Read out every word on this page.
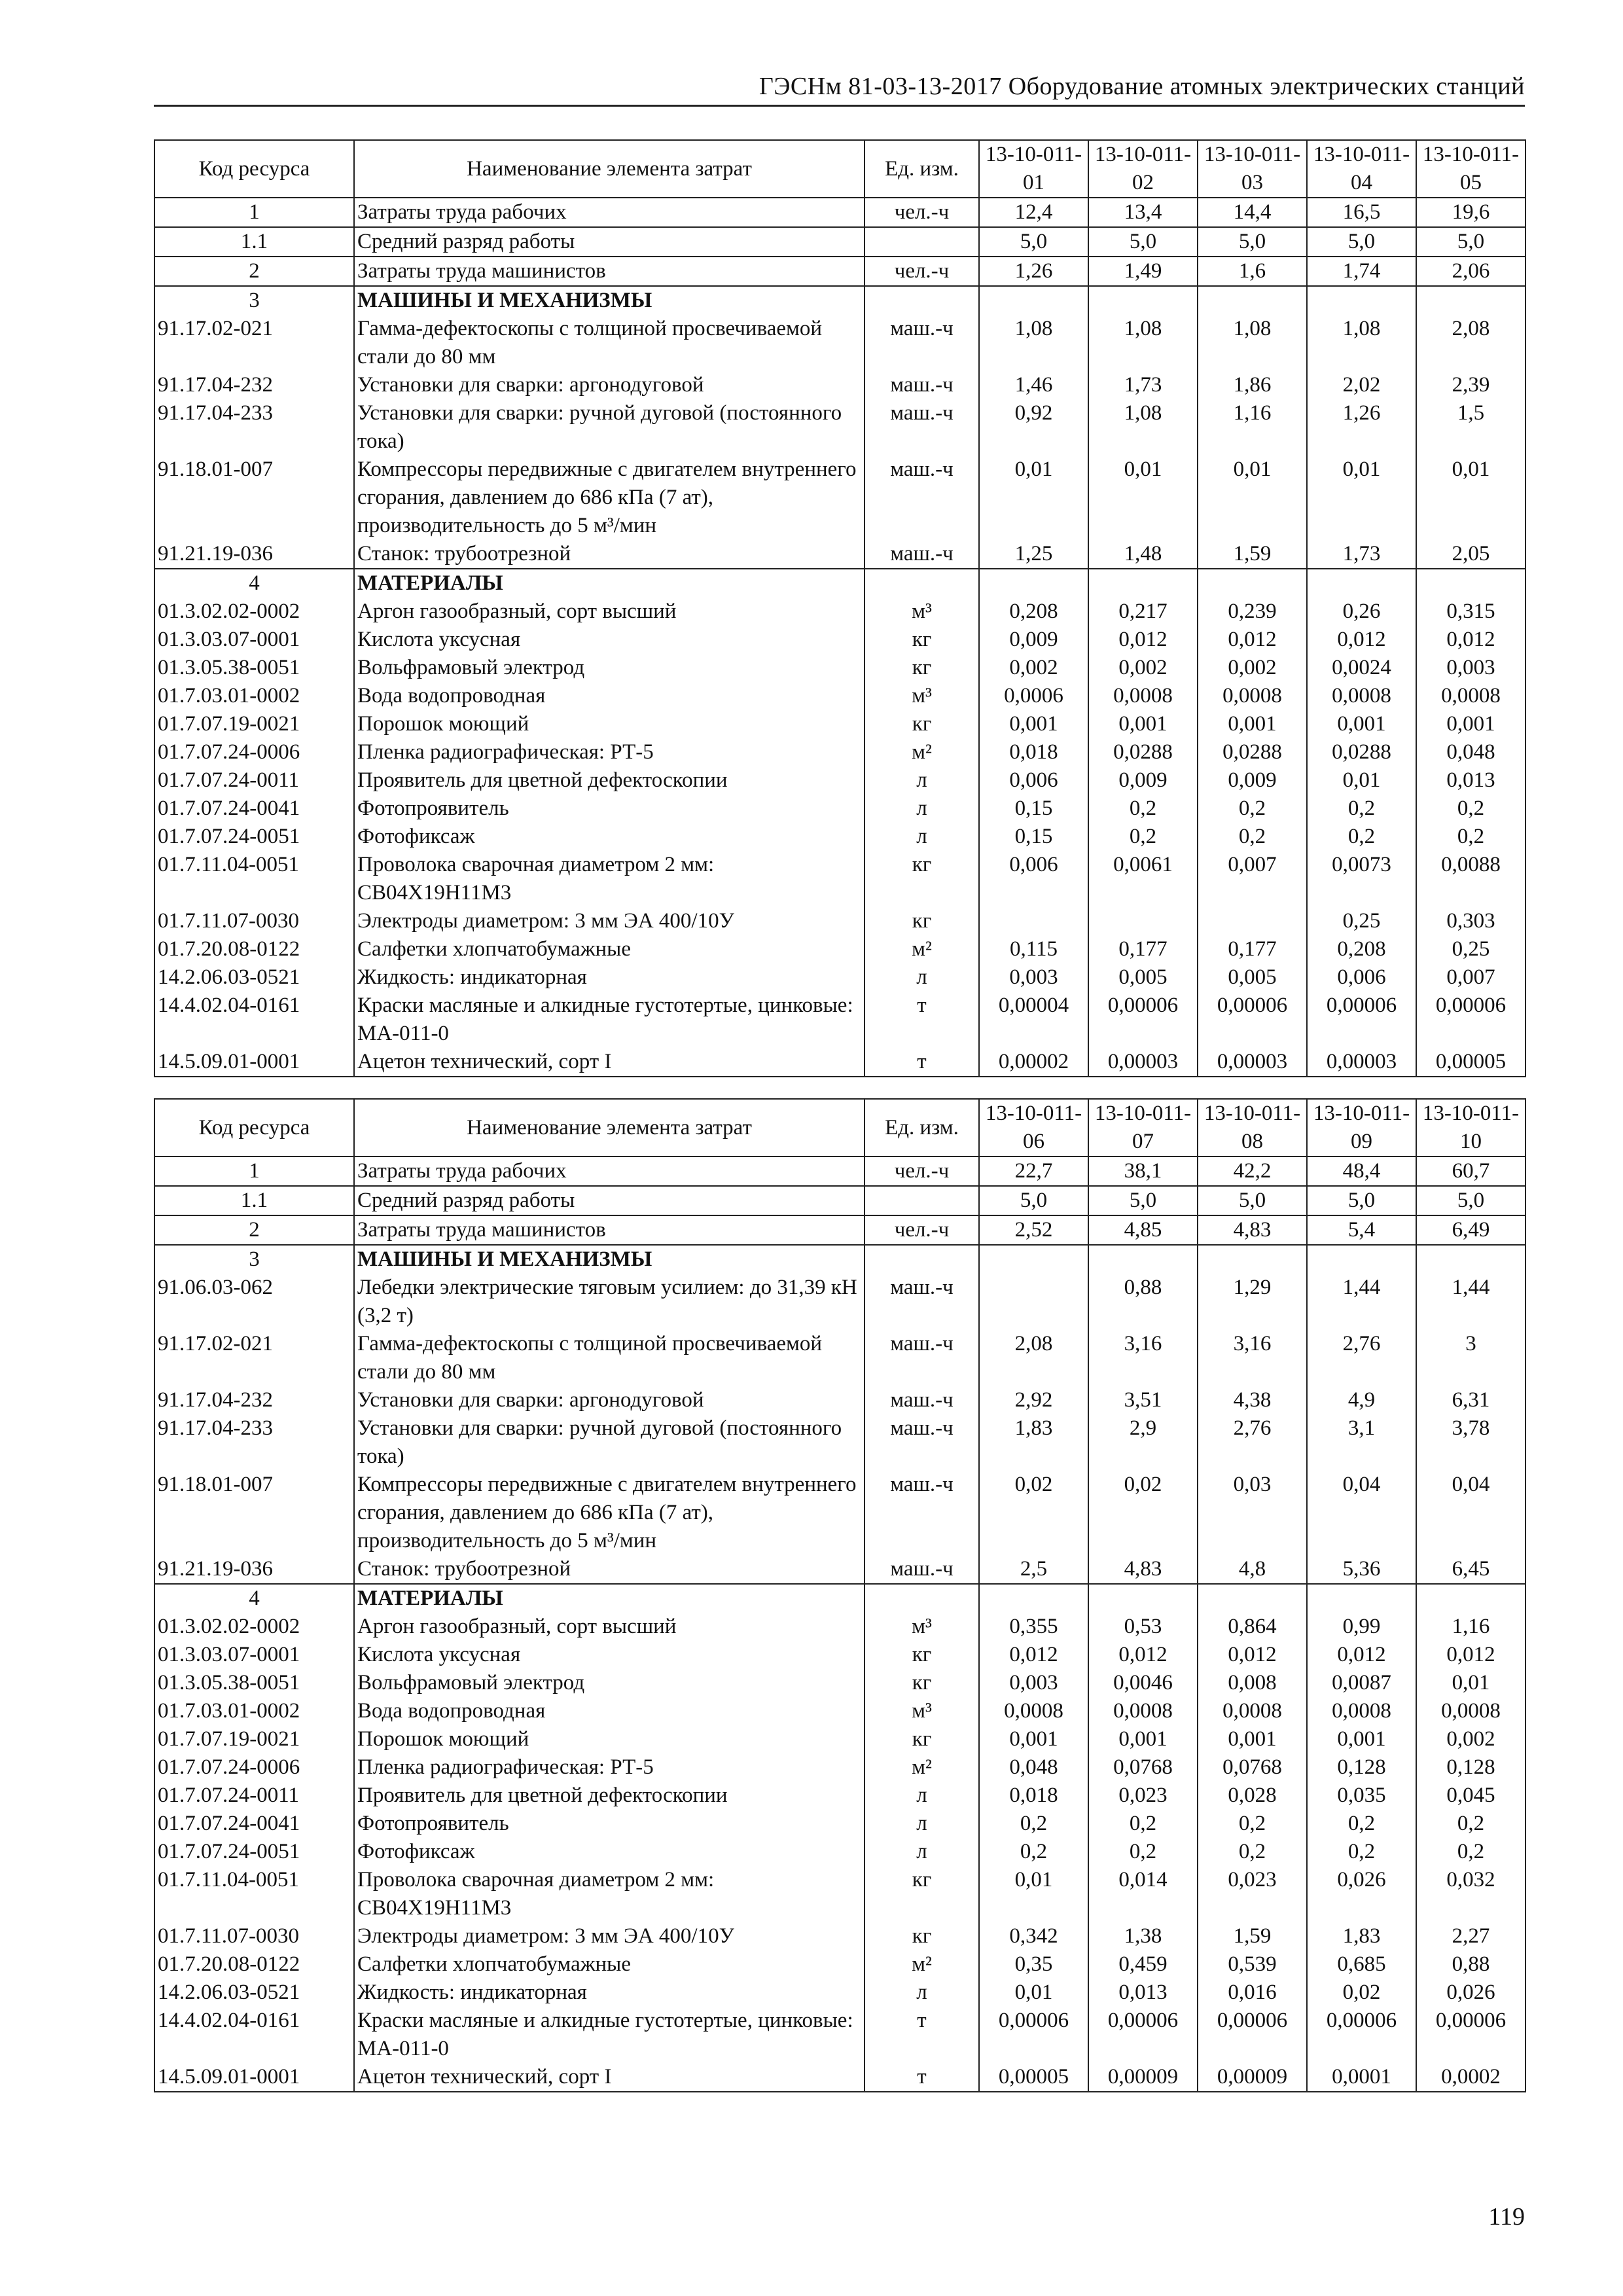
ГЭСНм 81-03-13-2017 Оборудование атомных электрических станций
Код ресурса	Наименование элемента затрат	Ед. изм.	13-10-011-01	13-10-011-02	13-10-011-03	13-10-011-04	13-10-011-05
1	Затраты труда рабочих	чел.-ч	12,4	13,4	14,4	16,5	19,6
1.1	Средний разряд работы		5,0	5,0	5,0	5,0	5,0
2	Затраты труда машинистов	чел.-ч	1,26	1,49	1,6	1,74	2,06
3	МАШИНЫ И МЕХАНИЗМЫ						
91.17.02-021	Гамма-дефектоскопы с толщиной просвечиваемой стали до 80 мм	маш.-ч	1,08	1,08	1,08	1,08	2,08
91.17.04-232	Установки для сварки: аргонодуговой	маш.-ч	1,46	1,73	1,86	2,02	2,39
91.17.04-233	Установки для сварки: ручной дуговой (постоянного тока)	маш.-ч	0,92	1,08	1,16	1,26	1,5
91.18.01-007	Компрессоры передвижные с двигателем внутреннего сгорания, давлением до 686 кПа (7 ат), производительность до 5 м³/мин	маш.-ч	0,01	0,01	0,01	0,01	0,01
91.21.19-036	Станок: трубоотрезной	маш.-ч	1,25	1,48	1,59	1,73	2,05
4	МАТЕРИАЛЫ						
01.3.02.02-0002	Аргон газообразный, сорт высший	м³	0,208	0,217	0,239	0,26	0,315
01.3.03.07-0001	Кислота уксусная	кг	0,009	0,012	0,012	0,012	0,012
01.3.05.38-0051	Вольфрамовый электрод	кг	0,002	0,002	0,002	0,0024	0,003
01.7.03.01-0002	Вода водопроводная	м³	0,0006	0,0008	0,0008	0,0008	0,0008
01.7.07.19-0021	Порошок моющий	кг	0,001	0,001	0,001	0,001	0,001
01.7.07.24-0006	Пленка радиографическая: РТ-5	м²	0,018	0,0288	0,0288	0,0288	0,048
01.7.07.24-0011	Проявитель для цветной дефектоскопии	л	0,006	0,009	0,009	0,01	0,013
01.7.07.24-0041	Фотопроявитель	л	0,15	0,2	0,2	0,2	0,2
01.7.07.24-0051	Фотофиксаж	л	0,15	0,2	0,2	0,2	0,2
01.7.11.04-0051	Проволока сварочная диаметром 2 мм: СВ04Х19Н11М3	кг	0,006	0,0061	0,007	0,0073	0,0088
01.7.11.07-0030	Электроды диаметром: 3 мм ЭА 400/10У	кг				0,25	0,303
01.7.20.08-0122	Салфетки хлопчатобумажные	м²	0,115	0,177	0,177	0,208	0,25
14.2.06.03-0521	Жидкость: индикаторная	л	0,003	0,005	0,005	0,006	0,007
14.4.02.04-0161	Краски масляные и алкидные густотертые, цинковые: МА-011-0	т	0,00004	0,00006	0,00006	0,00006	0,00006
14.5.09.01-0001	Ацетон технический, сорт I	т	0,00002	0,00003	0,00003	0,00003	0,00005
Код ресурса	Наименование элемента затрат	Ед. изм.	13-10-011-06	13-10-011-07	13-10-011-08	13-10-011-09	13-10-011-10
1	Затраты труда рабочих	чел.-ч	22,7	38,1	42,2	48,4	60,7
1.1	Средний разряд работы		5,0	5,0	5,0	5,0	5,0
2	Затраты труда машинистов	чел.-ч	2,52	4,85	4,83	5,4	6,49
3	МАШИНЫ И МЕХАНИЗМЫ						
91.06.03-062	Лебедки электрические тяговым усилием: до 31,39 кН (3,2 т)	маш.-ч		0,88	1,29	1,44	1,44
91.17.02-021	Гамма-дефектоскопы с толщиной просвечиваемой стали до 80 мм	маш.-ч	2,08	3,16	3,16	2,76	3
91.17.04-232	Установки для сварки: аргонодуговой	маш.-ч	2,92	3,51	4,38	4,9	6,31
91.17.04-233	Установки для сварки: ручной дуговой (постоянного тока)	маш.-ч	1,83	2,9	2,76	3,1	3,78
91.18.01-007	Компрессоры передвижные с двигателем внутреннего сгорания, давлением до 686 кПа (7 ат), производительность до 5 м³/мин	маш.-ч	0,02	0,02	0,03	0,04	0,04
91.21.19-036	Станок: трубоотрезной	маш.-ч	2,5	4,83	4,8	5,36	6,45
4	МАТЕРИАЛЫ						
01.3.02.02-0002	Аргон газообразный, сорт высший	м³	0,355	0,53	0,864	0,99	1,16
01.3.03.07-0001	Кислота уксусная	кг	0,012	0,012	0,012	0,012	0,012
01.3.05.38-0051	Вольфрамовый электрод	кг	0,003	0,0046	0,008	0,0087	0,01
01.7.03.01-0002	Вода водопроводная	м³	0,0008	0,0008	0,0008	0,0008	0,0008
01.7.07.19-0021	Порошок моющий	кг	0,001	0,001	0,001	0,001	0,002
01.7.07.24-0006	Пленка радиографическая: РТ-5	м²	0,048	0,0768	0,0768	0,128	0,128
01.7.07.24-0011	Проявитель для цветной дефектоскопии	л	0,018	0,023	0,028	0,035	0,045
01.7.07.24-0041	Фотопроявитель	л	0,2	0,2	0,2	0,2	0,2
01.7.07.24-0051	Фотофиксаж	л	0,2	0,2	0,2	0,2	0,2
01.7.11.04-0051	Проволока сварочная диаметром 2 мм: СВ04Х19Н11М3	кг	0,01	0,014	0,023	0,026	0,032
01.7.11.07-0030	Электроды диаметром: 3 мм ЭА 400/10У	кг	0,342	1,38	1,59	1,83	2,27
01.7.20.08-0122	Салфетки хлопчатобумажные	м²	0,35	0,459	0,539	0,685	0,88
14.2.06.03-0521	Жидкость: индикаторная	л	0,01	0,013	0,016	0,02	0,026
14.4.02.04-0161	Краски масляные и алкидные густотертые, цинковые: МА-011-0	т	0,00006	0,00006	0,00006	0,00006	0,00006
14.5.09.01-0001	Ацетон технический, сорт I	т	0,00005	0,00009	0,00009	0,0001	0,0002
119
